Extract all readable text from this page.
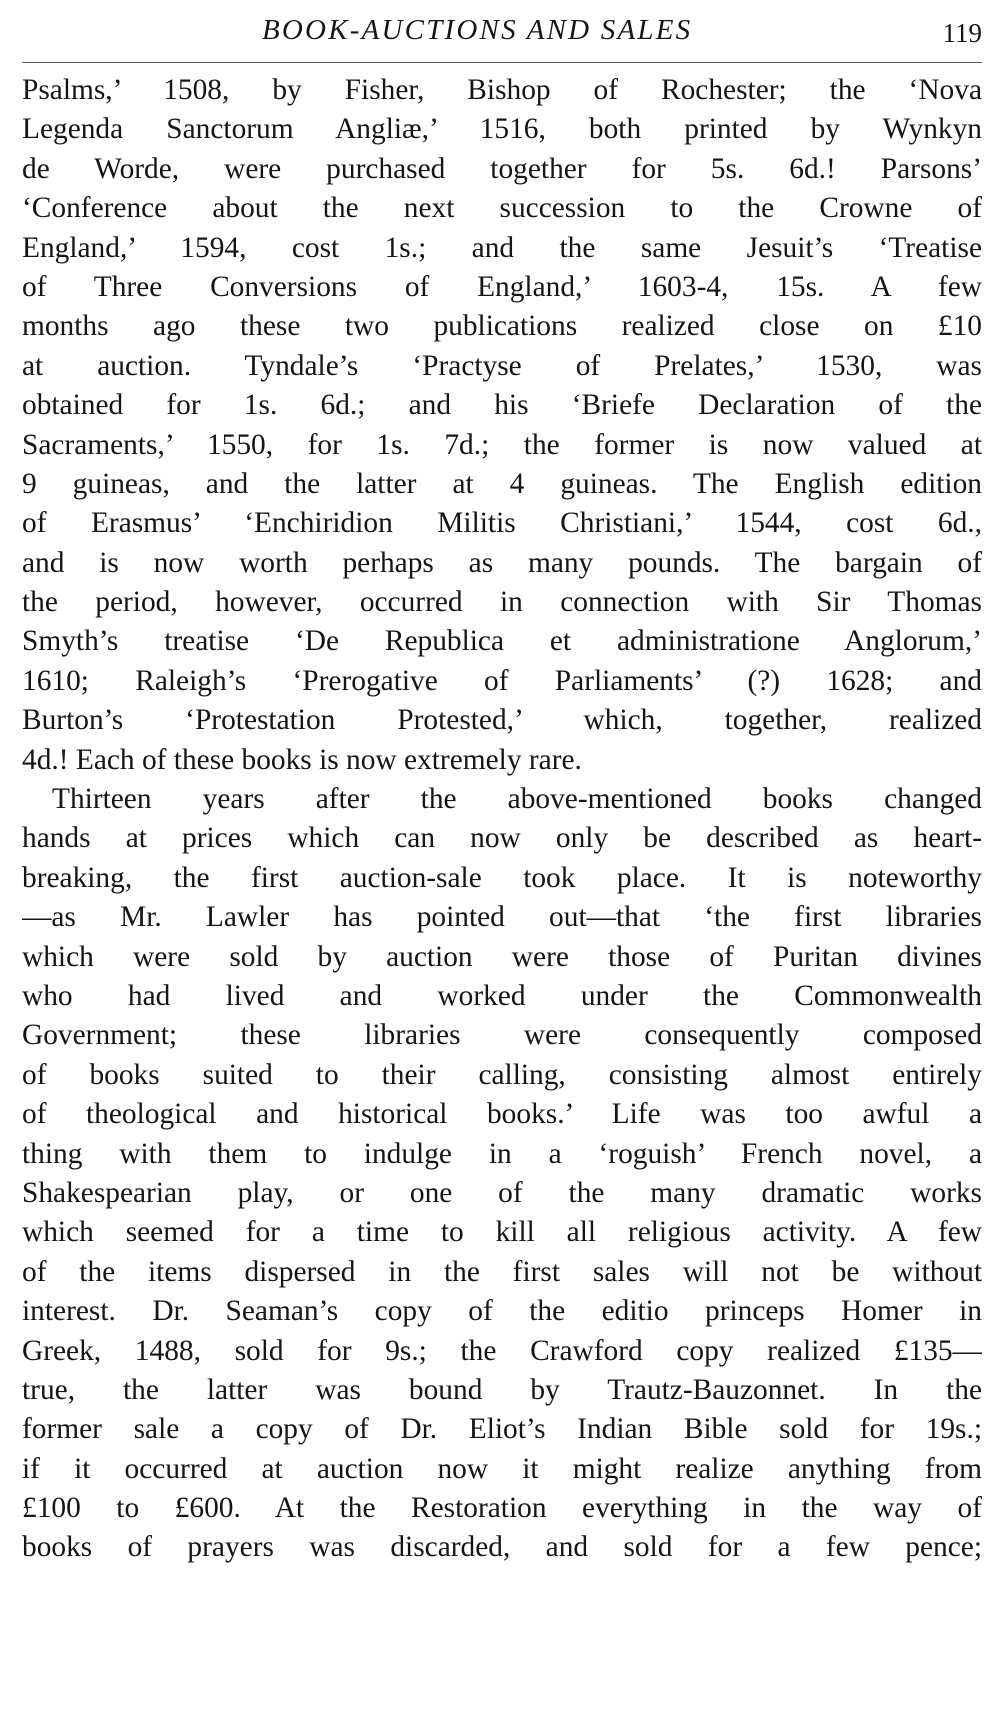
BOOK-AUCTIONS AND SALES	119
Psalms,’ 1508, by Fisher, Bishop of Rochester; the ‘Nova
Legenda Sanctorum Angliæ,’ 1516, both printed by Wynkyn
de Worde, were purchased together for 5s. 6d.! Parsons’
‘Conference about the next succession to the Crowne of
England,’ 1594, cost 1s.; and the same Jesuit’s ‘Treatise
of Three Conversions of England,’ 1603-4, 15s. A few
months ago these two publications realized close on £10
at auction. Tyndale’s ‘Practyse of Prelates,’ 1530, was
obtained for 1s. 6d.; and his ‘Briefe Declaration of the
Sacraments,’ 1550, for 1s. 7d.; the former is now valued at
9 guineas, and the latter at 4 guineas. The English edition
of Erasmus’ ‘Enchiridion Militis Christiani,’ 1544, cost 6d.,
and is now worth perhaps as many pounds. The bargain of
the period, however, occurred in connection with Sir Thomas
Smyth’s treatise ‘De Republica et administratione Anglorum,’
1610; Raleigh’s ‘Prerogative of Parliaments’ (?) 1628; and
Burton’s ‘Protestation Protested,’ which, together, realized
4d.! Each of these books is now extremely rare.
Thirteen years after the above-mentioned books changed
hands at prices which can now only be described as heart-
breaking, the first auction-sale took place. It is noteworthy
—as Mr. Lawler has pointed out—that ‘the first libraries
which were sold by auction were those of Puritan divines
who had lived and worked under the Commonwealth
Government; these libraries were consequently composed
of books suited to their calling, consisting almost entirely
of theological and historical books.’ Life was too awful a
thing with them to indulge in a ‘roguish’ French novel, a
Shakespearian play, or one of the many dramatic works
which seemed for a time to kill all religious activity. A few
of the items dispersed in the first sales will not be without
interest. Dr. Seaman’s copy of the editio princeps Homer in
Greek, 1488, sold for 9s.; the Crawford copy realized £135—
true, the latter was bound by Trautz-Bauzonnet. In the
former sale a copy of Dr. Eliot’s Indian Bible sold for 19s.;
if it occurred at auction now it might realize anything from
£100 to £600. At the Restoration everything in the way of
books of prayers was discarded, and sold for a few pence;
